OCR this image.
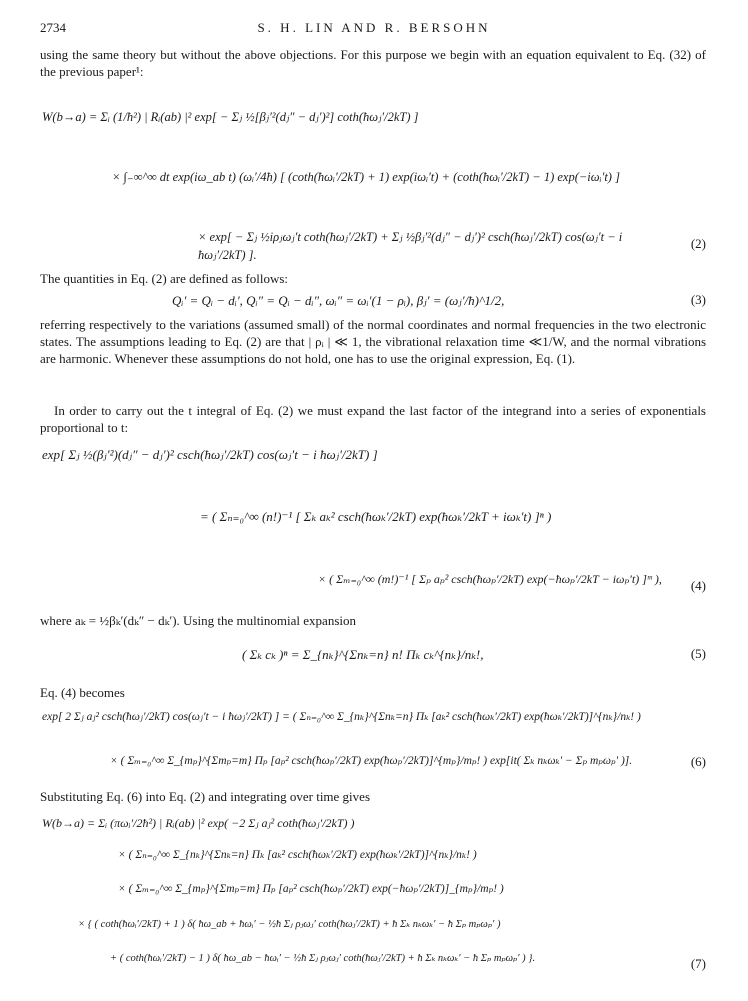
2734	S. H. LIN AND R. BERSOHN
using the same theory but without the above objections. For this purpose we begin with an equation equivalent to Eq. (32) of the previous paper¹:
W(b→a) = Σᵢ (1/ħ²) | Rᵢ(ab) |² exp[ − Σⱼ ½[βⱼ′²(dⱼ″ − dⱼ′)²] coth(ħωⱼ′/2kT) ]
× ∫₋∞^∞ dt exp(iω_ab t) (ωᵢ′/4ħ) [ (coth(ħωᵢ′/2kT) + 1) exp(iωᵢ′t) + (coth(ħωᵢ′/2kT) − 1) exp(−iωᵢ′t) ]
× exp[ − Σⱼ ½iρⱼωⱼ′t coth(ħωⱼ′/2kT) + Σⱼ ½βⱼ′²(dⱼ″ − dⱼ′)² csch(ħωⱼ′/2kT) cos(ωⱼ′t − i ħωⱼ′/2kT) ].
(2)
The quantities in Eq. (2) are defined as follows:
Qᵢ′ = Qᵢ − dᵢ′, Qᵢ″ = Qᵢ − dᵢ″, ωᵢ″ = ωᵢ′(1 − ρᵢ), βⱼ′ = (ωⱼ′/ħ)^1/2,	(3)
referring respectively to the variations (assumed small) of the normal coordinates and normal frequencies in the two electronic states. The assumptions leading to Eq. (2) are that | ρᵢ | ≪ 1, the vibrational relaxation time ≪1/W, and the normal vibrations are harmonic. Whenever these assumptions do not hold, one has to use the original expression, Eq. (1).
In order to carry out the t integral of Eq. (2) we must expand the last factor of the integrand into a series of exponentials proportional to t:
exp[ Σⱼ ½(βⱼ′²)(dⱼ″ − dⱼ′)² csch(ħωⱼ′/2kT) cos(ωⱼ′t − i ħωⱼ′/2kT) ]
= ( Σₙ₌₀^∞ (n!)⁻¹ [ Σₖ aₖ² csch(ħωₖ′/2kT) exp(ħωₖ′/2kT + iωₖ′t) ]ⁿ )
× ( Σₘ₌₀^∞ (m!)⁻¹ [ Σₚ aₚ² csch(ħωₚ′/2kT) exp(−ħωₚ′/2kT − iωₚ′t) ]ᵐ ), (4)
where aₖ = ½βₖ′(dₖ″ − dₖ′). Using the multinomial expansion
( Σₖ cₖ )ⁿ = Σ_{nₖ}^{Σnₖ=n} n! Πₖ cₖ^{nₖ}/nₖ!,	(5)
Eq. (4) becomes
exp[ 2 Σⱼ aⱼ² csch(ħωⱼ′/2kT) cos(ωⱼ′t − i ħωⱼ′/2kT) ] = ( Σₙ₌₀^∞ Σ_{nₖ}^{Σnₖ=n} Πₖ [aₖ² csch(ħωₖ′/2kT) exp(ħωₖ′/2kT)]^{nₖ}/nₖ! )
× ( Σₘ₌₀^∞ Σ_{mₚ}^{Σmₚ=m} Πₚ [aₚ² csch(ħωₚ′/2kT) exp(ħωₚ′/2kT)]^{mₚ}/mₚ! ) exp[it( Σₖ nₖωₖ′ − Σₚ mₚωₚ′ )].	(6)
Substituting Eq. (6) into Eq. (2) and integrating over time gives
W(b→a) = Σᵢ (πωᵢ′/2ħ²) | Rᵢ(ab) |² exp( −2 Σⱼ aⱼ² coth(ħωⱼ′/2kT) )
× ( Σₙ₌₀^∞ Σ_{nₖ}^{Σnₖ=n} Πₖ [aₖ² csch(ħωₖ′/2kT) exp(ħωₖ′/2kT)]^{nₖ}/nₖ! )
× ( Σₘ₌₀^∞ Σ_{mₚ}^{Σmₚ=m} Πₚ [aₚ² csch(ħωₚ′/2kT) exp(−ħωₚ′/2kT)]_{mₚ}/mₚ! )
× { ( coth(ħωᵢ′/2kT) + 1 ) δ( ħω_ab + ħωᵢ′ − ½ħ Σⱼ ρⱼωⱼ′ coth(ħωⱼ′/2kT) + ħ Σₖ nₖωₖ′ − ħ Σₚ mₚωₚ′ )
+ ( coth(ħωᵢ′/2kT) − 1 ) δ( ħω_ab − ħωᵢ′ − ½ħ Σⱼ ρⱼωⱼ′ coth(ħωⱼ′/2kT) + ħ Σₖ nₖωₖ′ − ħ Σₚ mₚωₚ′ ) }.	(7)
